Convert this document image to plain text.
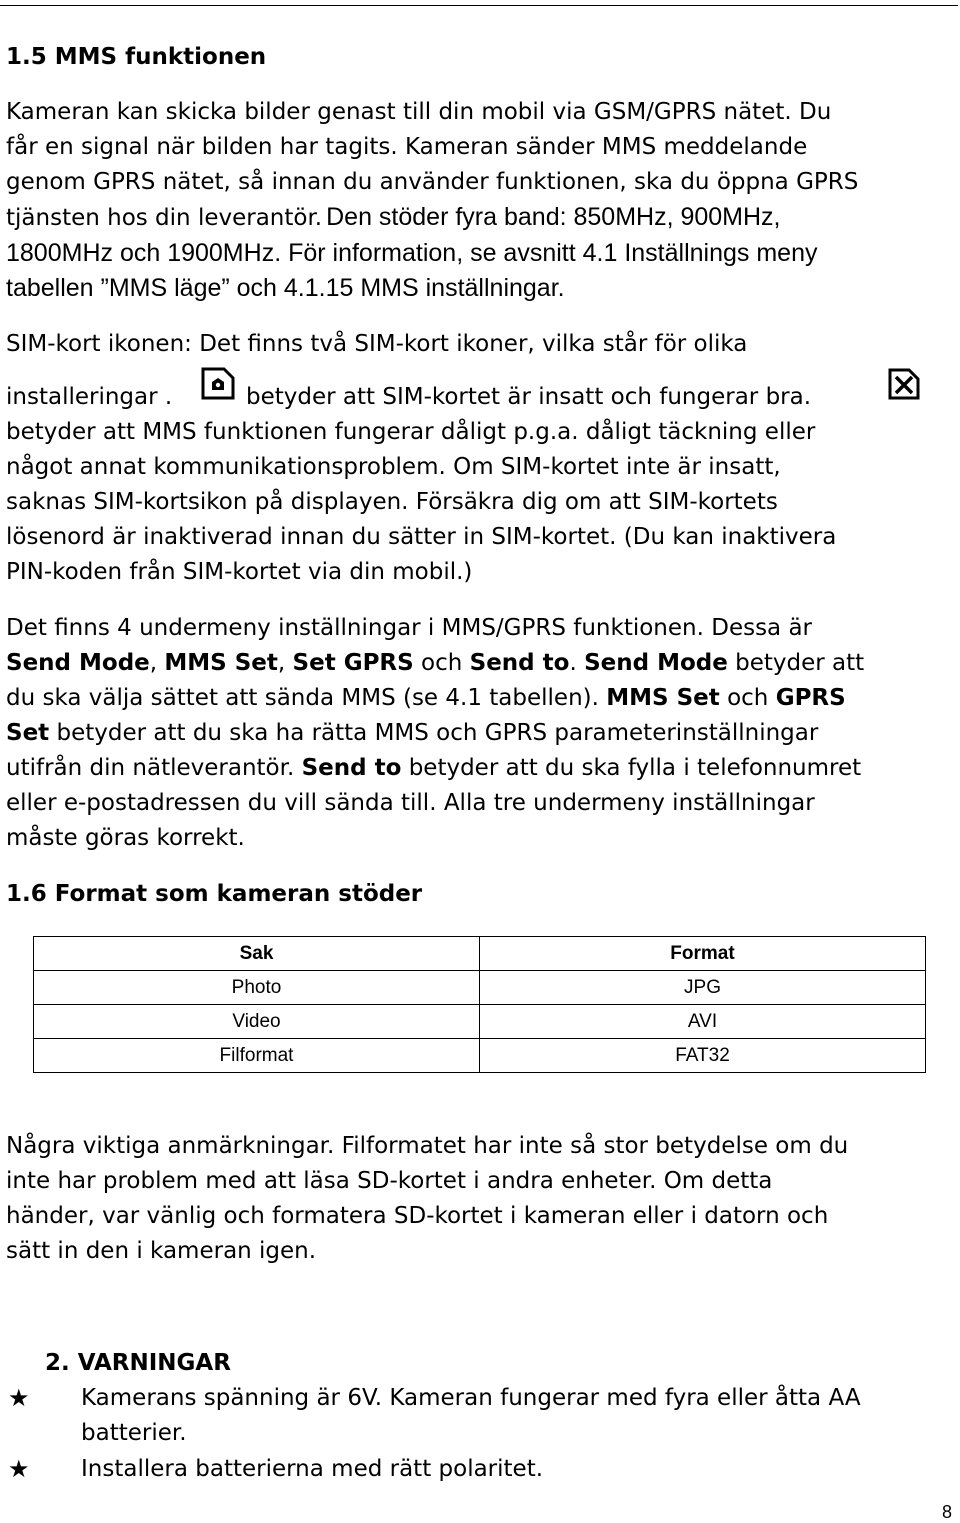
1.5 MMS funktionen
Kameran kan skicka bilder genast till din mobil via GSM/GPRS nätet. Du
får en signal när bilden har tagits. Kameran sänder MMS meddelande
genom GPRS nätet, så innan du använder funktionen, ska du öppna GPRS
tjänsten hos din leverantör. Den stöder fyra band: 850MHz, 900MHz,
1800MHz och 1900MHz. För information, se avsnitt 4.1 Inställnings meny
tabellen ”MMS läge” och 4.1.15 MMS inställningar.
SIM-kort ikonen: Det finns två SIM-kort ikoner, vilka står för olika
installeringar .	betyder att SIM-kortet är insatt och fungerar bra.
betyder att MMS funktionen fungerar dåligt p.g.a. dåligt täckning eller
något annat kommunikationsproblem. Om SIM-kortet inte är insatt,
saknas SIM-kortsikon på displayen. Försäkra dig om att SIM-kortets
lösenord är inaktiverad innan du sätter in SIM-kortet. (Du kan inaktivera
PIN-koden från SIM-kortet via din mobil.)
Det finns 4 undermeny inställningar i MMS/GPRS funktionen. Dessa är
Send Mode, MMS Set, Set GPRS och Send to. Send Mode betyder att
du ska välja sättet att sända MMS (se 4.1 tabellen). MMS Set och GPRS
Set betyder att du ska ha rätta MMS och GPRS parameterinställningar
utifrån din nätleverantör. Send to betyder att du ska fylla i telefonnumret
eller e-postadressen du vill sända till. Alla tre undermeny inställningar
måste göras korrekt.
1.6 Format som kameran stöder
Sak	Format
Photo	JPG
Video	AVI
Filformat	FAT32
Några viktiga anmärkningar. Filformatet har inte så stor betydelse om du
inte har problem med att läsa SD-kortet i andra enheter. Om detta
händer, var vänlig och formatera SD-kortet i kameran eller i datorn och
sätt in den i kameran igen.
2. VARNINGAR
★ Kamerans spänning är 6V. Kameran fungerar med fyra eller åtta AA
batterier.
★ Installera batterierna med rätt polaritet.
8
